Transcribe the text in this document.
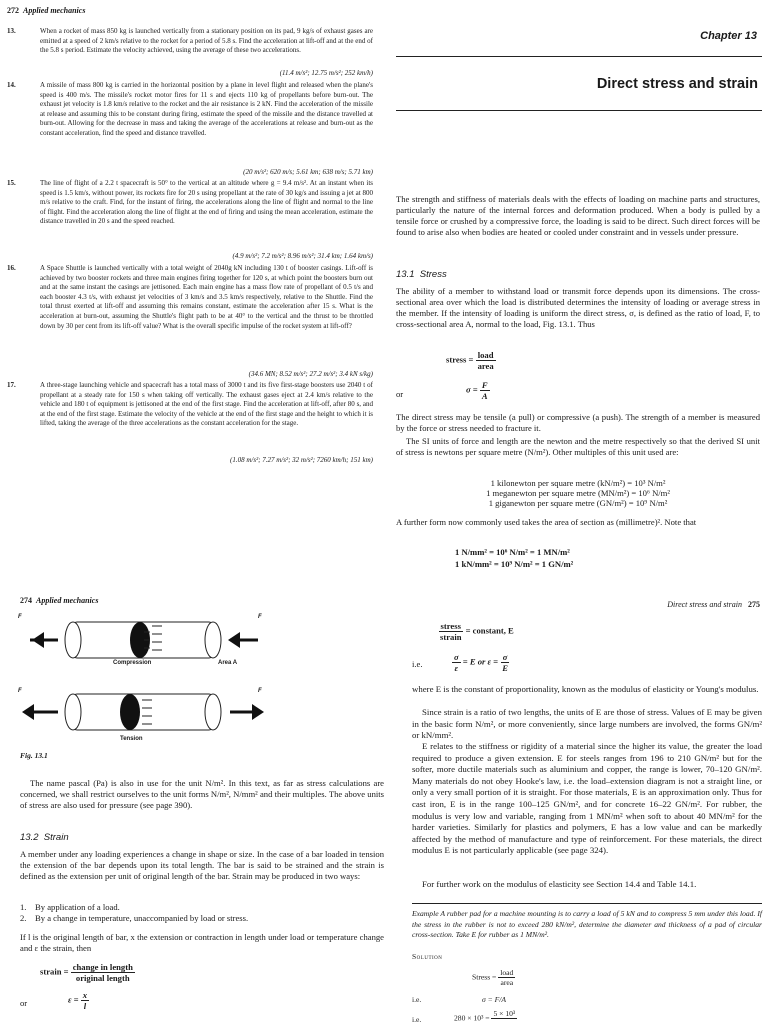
272 Applied mechanics
13.	When a rocket of mass 850 kg is launched vertically from a stationary position on its pad, 9 kg/s of exhaust gases are emitted at a speed of 2 km/s relative to the rocket for a period of 5.8 s. Find the acceleration at lift-off and at the end of the 5.8 s period. Estimate the velocity achieved, using the average of these two accelerations.
(11.4 m/s²; 12.75 m/s²; 252 km/h)
14.	A missile of mass 800 kg is carried in the horizontal position by a plane in level flight and released when the plane's speed is 400 m/s. The missile's rocket motor fires for 11 s and ejects 110 kg of propellants before burn-out. The exhaust jet velocity is 1.8 km/s relative to the rocket and the air resistance is 2 kN. Find the acceleration of the missile at release and assuming this to be constant during firing, estimate the speed of the missile and the distance travelled at burn-out. Allowing for the decrease in mass and taking the average of the accelerations at release and burn-out as the constant acceleration, find the speed and distance travelled.
(20 m/s²; 620 m/s; 5.61 km; 638 m/s; 5.71 km)
15.	The line of flight of a 2.2 t spacecraft is 50° to the vertical at an altitude where g = 9.4 m/s². At an instant when its speed is 1.5 km/s, without power, its rockets fire for 20 s using propellant at the rate of 30 kg/s and issuing a jet at 800 m/s relative to the craft. Find, for the instant of firing, the accelerations along the line of flight and normal to the line of flight. Find the acceleration along the line of flight at the end of firing and using the mean acceleration, estimate the distance travelled in 20 s and the speed reached.
(4.9 m/s²; 7.2 m/s²; 8.96 m/s²; 31.4 km; 1.64 km/s)
16.	A Space Shuttle is launched vertically with a total weight of 2040g kN including 130 t of booster casings. Lift-off is achieved by two booster rockets and three main engines firing together for 120 s, at which point the boosters burn out and at the same instant the casings are jettisoned. Each main engine has a mass flow rate of propellant of 0.5 t/s and each booster 4.3 t/s, with exhaust jet velocities of 3 km/s and 3.5 km/s respectively, relative to the Shuttle. Find the total thrust exerted at lift-off and assuming this remains constant, estimate the acceleration after 15 s. What is the acceleration at burn-out, assuming the Shuttle's flight path to be at 40° to the vertical and the thrust to be throttled down by 30 per cent from its lift-off value? What is the overall specific impulse of the rocket system at lift-off?
(34.6 MN; 8.52 m/s²; 27.2 m/s²; 3.4 kN s/kg)
17.	A three-stage launching vehicle and spacecraft has a total mass of 3000 t and its five first-stage boosters use 2040 t of propellant at a steady rate for 150 s when taking off vertically. The exhaust gases eject at 2.4 km/s relative to the vehicle and 180 t of equipment is jettisoned at the end of the first stage. Find the acceleration at lift-off, after 80 s, and at the end of the first stage. Estimate the velocity of the vehicle at the end of the first stage and the height to which it is lifted, taking the average of the three accelerations as the constant acceleration for the stage.
(1.08 m/s²; 7.27 m/s²; 32 m/s²; 7260 km/h; 151 km)
Chapter 13
Direct stress and strain
The strength and stiffness of materials deals with the effects of loading on machine parts and structures, particularly the nature of the internal forces and deformation produced. When a body is pulled by a tensile force or crushed by a compressive force, the loading is said to be direct. Such direct forces will be found to arise also when bodies are heated or cooled under constraint and in vessels under pressure.
13.1 Stress
The ability of a member to withstand load or transmit force depends upon its dimensions. The cross-sectional area over which the load is distributed determines the intensity of loading or average stress in the member. If the intensity of loading is uniform the direct stress, σ, is defined as the ratio of load, F, to cross-sectional area A, normal to the load, Fig. 13.1. Thus
stress = $\frac{\text{load}}{\text{area}}$
or	$\sigma = \frac{F}{A}$
The direct stress may be tensile (a pull) or compressive (a push). The strength of a member is measured by the force or stress needed to fracture it.
The SI units of force and length are the newton and the metre respectively so that the derived SI unit of stress is newtons per square metre (N/m²). Other multiples of this unit used are:
1 kilonewton per square metre (kN/m²) = 10³ N/m²
1 meganewton per square metre (MN/m²) = 10⁶ N/m²
1 giganewton per square metre (GN/m²) = 10⁹ N/m²
A further form now commonly used takes the area of section as (millimetre)². Note that
1 N/mm² = 10⁶ N/m² = 1 MN/m²
1 kN/mm² = 10⁹ N/m² = 1 GN/m²
274 Applied mechanics
F	F
F	F
Compression	Area A
Tension
Fig. 13.1
The name pascal (Pa) is also in use for the unit N/m². In this text, as far as stress calculations are concerned, we shall restrict ourselves to the unit forms N/m², N/mm² and their multiples. The above units of stress are also used for pressure (see page 390).
13.2 Strain
A member under any loading experiences a change in shape or size. In the case of a bar loaded in tension the extension of the bar depends upon its total length. The bar is said to be strained and the strain is defined as the extension per unit of original length of the bar. Strain may be produced in two ways:
1. By application of a load.
2. By a change in temperature, unaccompanied by load or stress.
If l is the original length of bar, x the extension or contraction in length under load or temperature change and ε the strain, then
strain = $\frac{\text{change in length}}{\text{original length}}$
or	$\varepsilon = \frac{x}{l}$
Direct stress and strain 275
$\frac{\text{stress}}{\text{strain}}$ = constant, E
i.e.	$\frac{\sigma}{\varepsilon} = E$ or $\varepsilon = \frac{\sigma}{E}$
where E is the constant of proportionality, known as the modulus of elasticity or Young's modulus.
Since strain is a ratio of two lengths, the units of E are those of stress. Values of E may be given in the basic form N/m², or more conveniently, since large numbers are involved, the forms GN/m² or kN/mm².
E relates to the stiffness or rigidity of a material since the higher its value, the greater the load required to produce a given extension. E for steels ranges from 196 to 210 GN/m² but for the softer, more ductile materials such as aluminium and copper, the range is lower, 70–120 GN/m². Many materials do not obey Hooke's law, i.e. the load–extension diagram is not a straight line, or only a very small portion of it is straight. For those materials, E is an approximation only. Thus for cast iron, E is in the range 100–125 GN/m², and for concrete 16–22 GN/m². For rubber, the modulus is very low and variable, ranging from 1 MN/m² when soft to about 40 MN/m² for the harder varieties. Similarly for plastics and polymers, E has a low value and can be markedly affected by the method of manufacture and type of reinforcement. For these materials, the direct modulus E is not particularly applicable (see page 324).
For further work on the modulus of elasticity see Section 14.4 and Table 14.1.
Example A rubber pad for a machine mounting is to carry a load of 5 kN and to compress 5 mm under this load. If the stress in the rubber is not to exceed 280 kN/m², determine the diameter and thickness of a pad of circular cross-section. Take E for rubber as 1 MN/m².
Solution
Stress = $\frac{\text{load}}{\text{area}}$
i.e.	σ = F/A
i.e.	280 × 10³ = 5 × 10³
